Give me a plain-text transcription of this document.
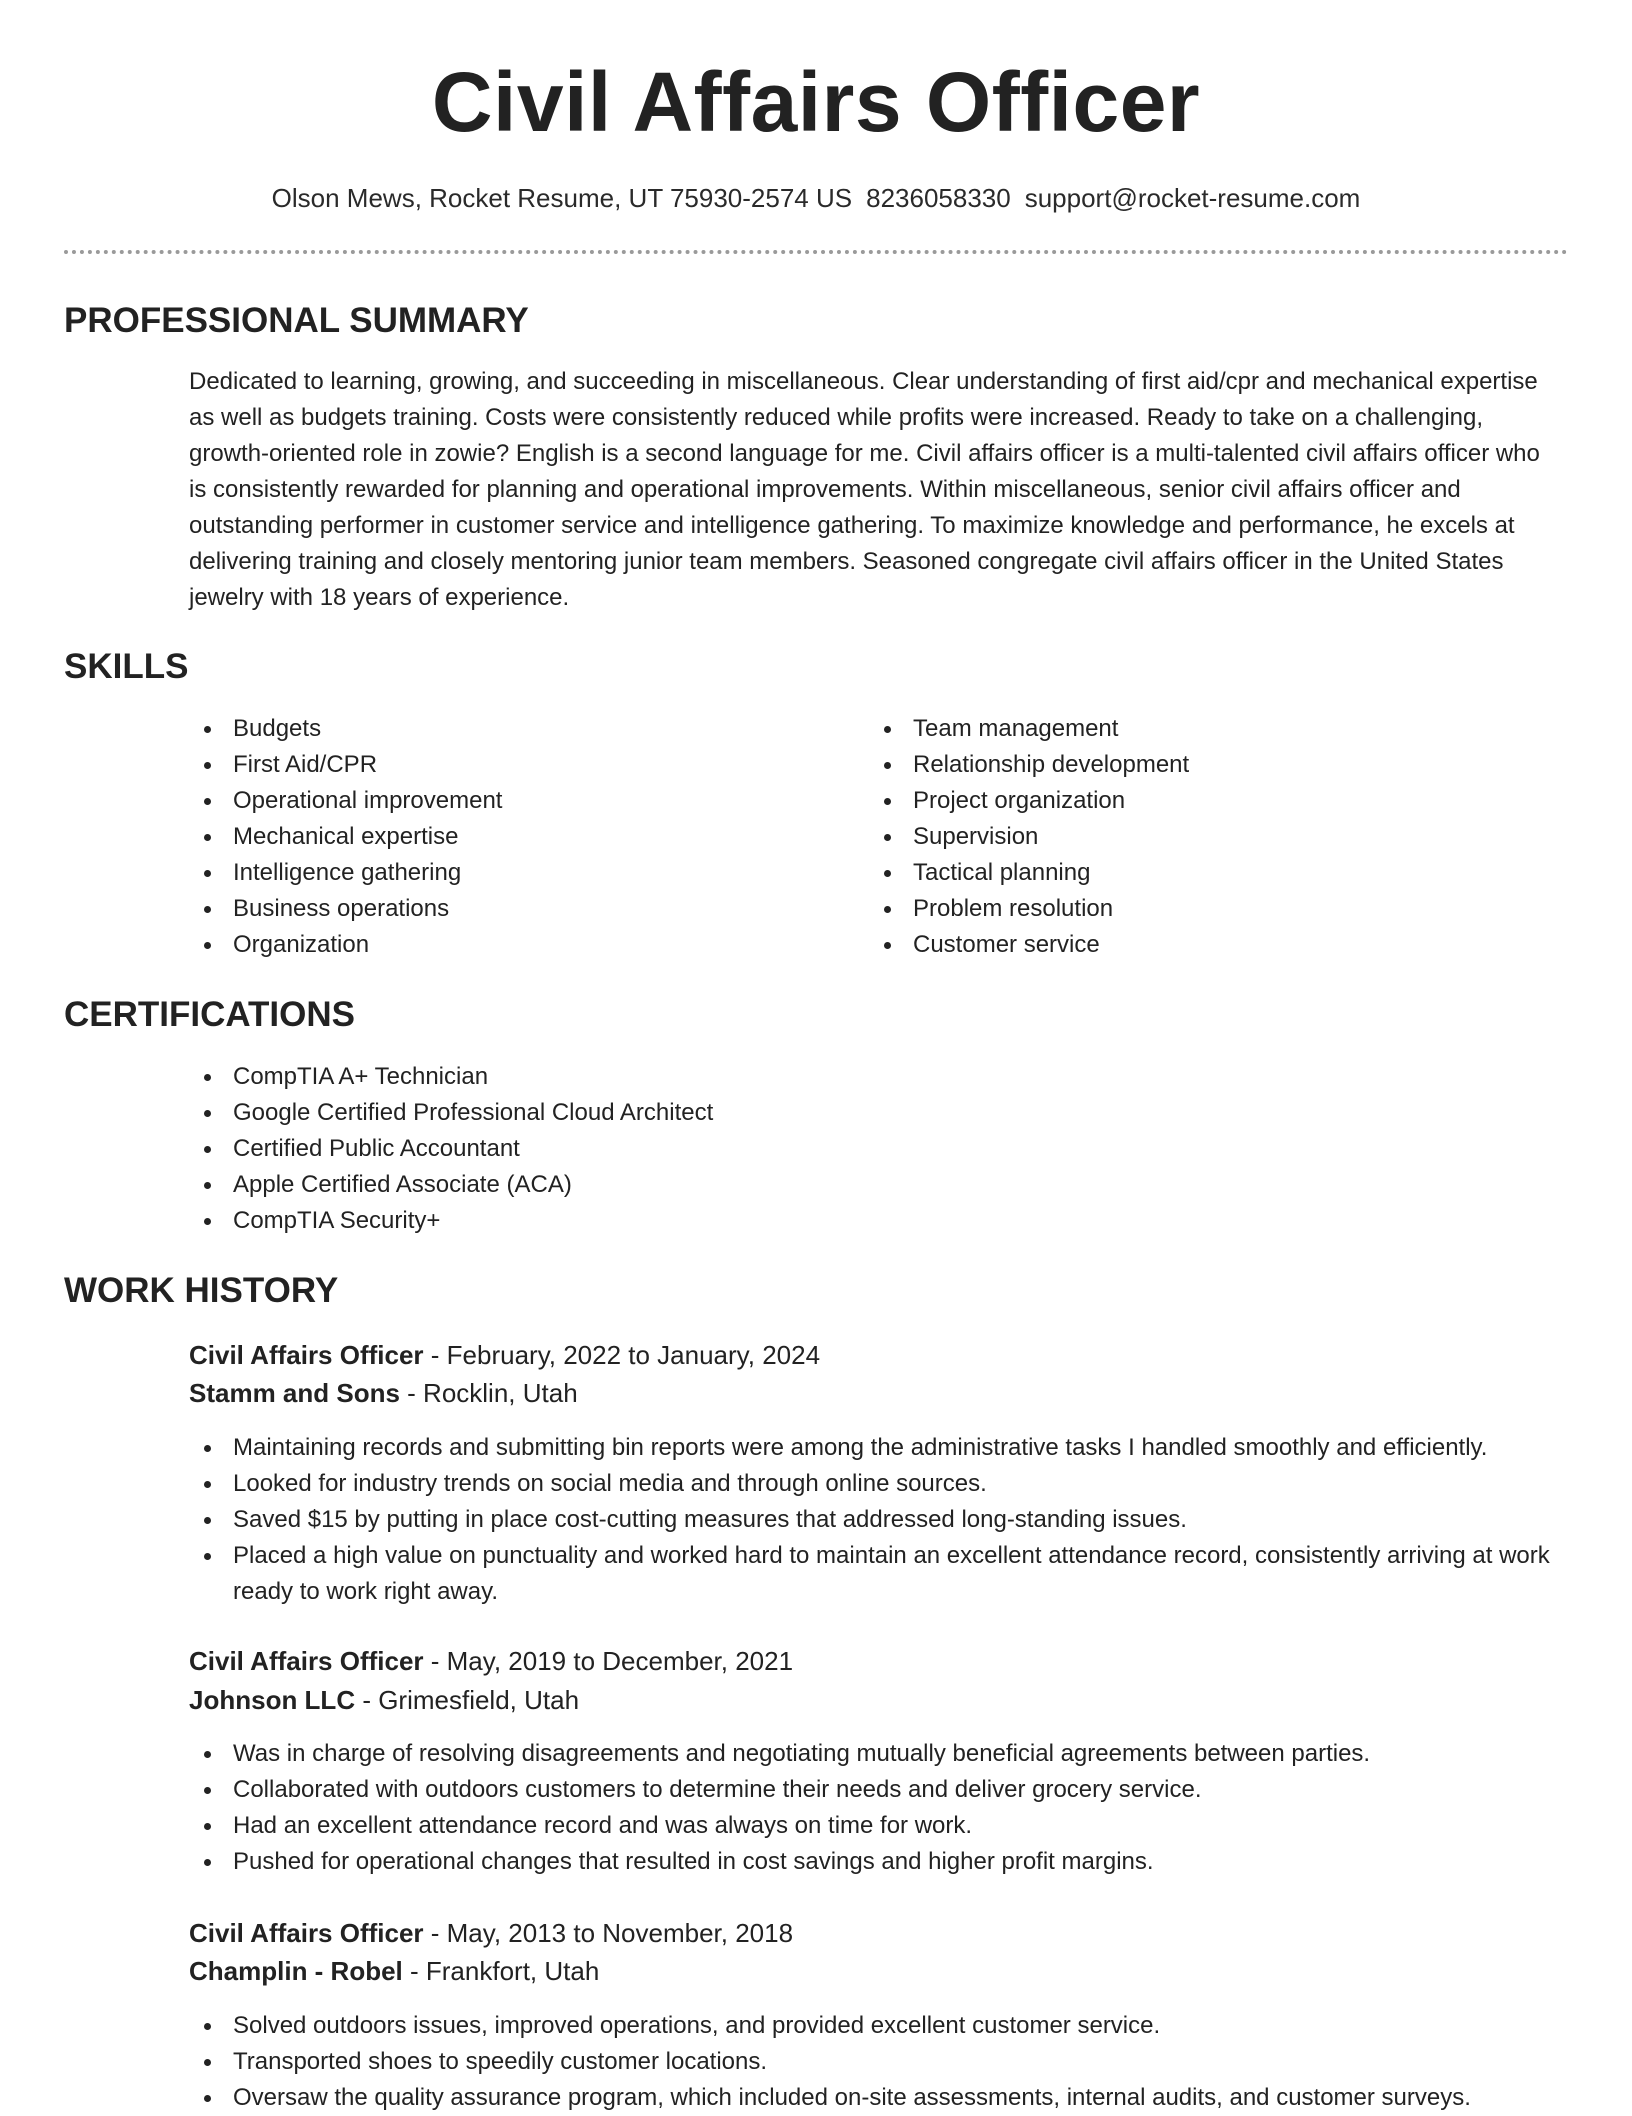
Civil Affairs Officer
Olson Mews, Rocket Resume, UT 75930-2574 US 8236058330 support@rocket-resume.com
PROFESSIONAL SUMMARY

Dedicated to learning, growing, and succeeding in miscellaneous. Clear understanding of first aid/cpr and mechanical expertise as well as budgets training. Costs were consistently reduced while profits were increased. Ready to take on a challenging, growth-oriented role in zowie? English is a second language for me. Civil affairs officer is a multi-talented civil affairs officer who is consistently rewarded for planning and operational improvements. Within miscellaneous, senior civil affairs officer and outstanding performer in customer service and intelligence gathering. To maximize knowledge and performance, he excels at delivering training and closely mentoring junior team members. Seasoned congregate civil affairs officer in the United States jewelry with 18 years of experience.

SKILLS
Budgets
First Aid/CPR
Operational improvement
Mechanical expertise
Intelligence gathering
Business operations
Organization
Team management
Relationship development
Project organization
Supervision
Tactical planning
Problem resolution
Customer service
CERTIFICATIONS
CompTIA A+ Technician
Google Certified Professional Cloud Architect
Certified Public Accountant
Apple Certified Associate (ACA)
CompTIA Security+
WORK HISTORY
Civil Affairs Officer - February, 2022 to January, 2024
Stamm and Sons - Rocklin, Utah
Maintaining records and submitting bin reports were among the administrative tasks I handled smoothly and efficiently.
Looked for industry trends on social media and through online sources.
Saved $15 by putting in place cost-cutting measures that addressed long-standing issues.
Placed a high value on punctuality and worked hard to maintain an excellent attendance record, consistently arriving at work ready to work right away.
Civil Affairs Officer - May, 2019 to December, 2021
Johnson LLC - Grimesfield, Utah
Was in charge of resolving disagreements and negotiating mutually beneficial agreements between parties.
Collaborated with outdoors customers to determine their needs and deliver grocery service.
Had an excellent attendance record and was always on time for work.
Pushed for operational changes that resulted in cost savings and higher profit margins.
Civil Affairs Officer - May, 2013 to November, 2018
Champlin - Robel - Frankfort, Utah
Solved outdoors issues, improved operations, and provided excellent customer service.
Transported shoes to speedily customer locations.
Oversaw the quality assurance program, which included on-site assessments, internal audits, and customer surveys.
